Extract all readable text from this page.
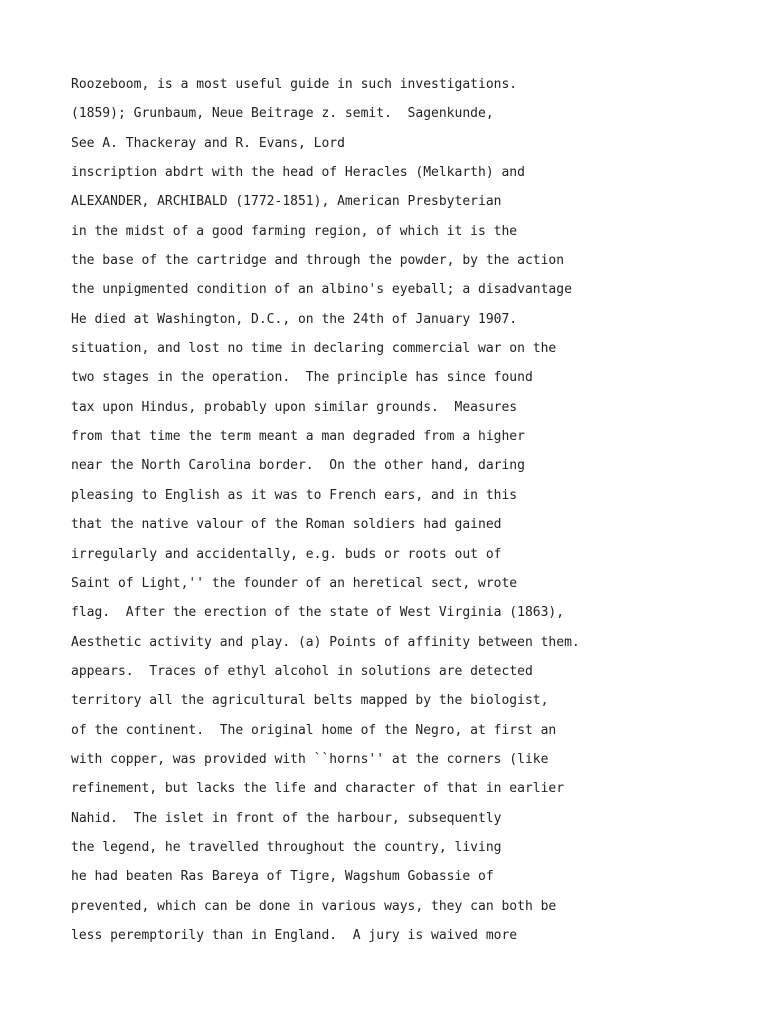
Roozeboom, is a most useful guide in such investigations.
(1859); Grunbaum, Neue Beitrage z. semit.  Sagenkunde,
See A. Thackeray and R. Evans, Lord
inscription abdrt with the head of Heracles (Melkarth) and
ALEXANDER, ARCHIBALD (1772-1851), American Presbyterian
in the midst of a good farming region, of which it is the
the base of the cartridge and through the powder, by the action
the unpigmented condition of an albino's eyeball; a disadvantage
He died at Washington, D.C., on the 24th of January 1907.
situation, and lost no time in declaring commercial war on the
two stages in the operation.  The principle has since found
tax upon Hindus, probably upon similar grounds.  Measures
from that time the term meant a man degraded from a higher
near the North Carolina border.  On the other hand, daring
pleasing to English as it was to French ears, and in this
that the native valour of the Roman soldiers had gained
irregularly and accidentally, e.g. buds or roots out of
Saint of Light,'' the founder of an heretical sect, wrote
flag.  After the erection of the state of West Virginia (1863),
Aesthetic activity and play. (a) Points of affinity between them.
appears.  Traces of ethyl alcohol in solutions are detected
territory all the agricultural belts mapped by the biologist,
of the continent.  The original home of the Negro, at first an
with copper, was provided with ``horns'' at the corners (like
refinement, but lacks the life and character of that in earlier
Nahid.  The islet in front of the harbour, subsequently
the legend, he travelled throughout the country, living
he had beaten Ras Bareya of Tigre, Wagshum Gobassie of
prevented, which can be done in various ways, they can both be
less peremptorily than in England.  A jury is waived more
